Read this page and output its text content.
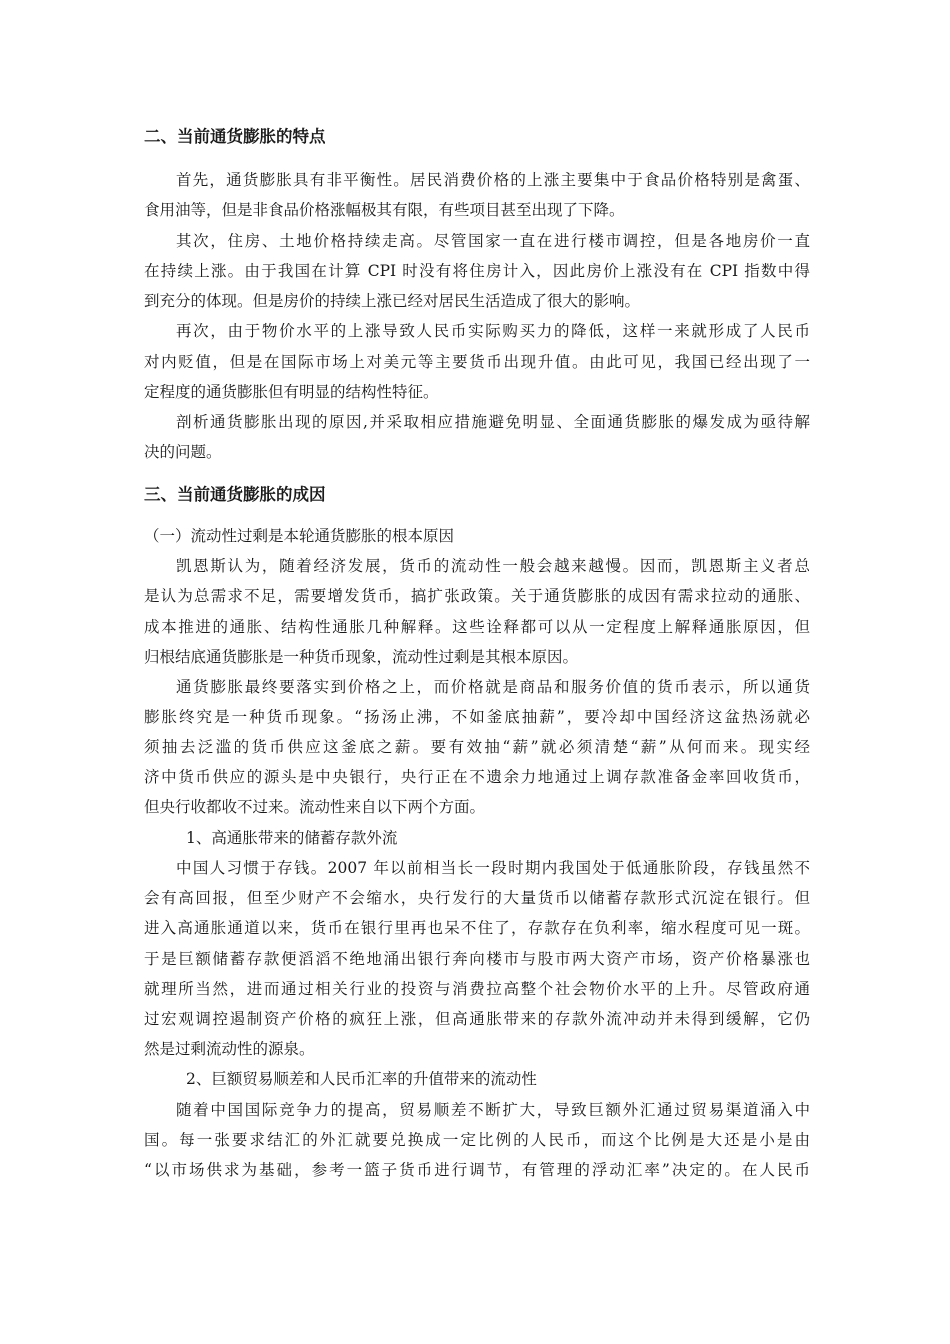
二、当前通货膨胀的特点
首先，通货膨胀具有非平衡性。居民消费价格的上涨主要集中于食品价格特别是禽蛋、
食用油等，但是非食品价格涨幅极其有限，有些项目甚至出现了下降。
其次，住房、土地价格持续走高。尽管国家一直在进行楼市调控，但是各地房价一直
在持续上涨。由于我国在计算 CPI 时没有将住房计入，因此房价上涨没有在 CPI 指数中得
到充分的体现。但是房价的持续上涨已经对居民生活造成了很大的影响。
再次，由于物价水平的上涨导致人民币实际购买力的降低，这样一来就形成了人民币
对内贬值，但是在国际市场上对美元等主要货币出现升值。由此可见，我国已经出现了一
定程度的通货膨胀但有明显的结构性特征。
剖析通货膨胀出现的原因,并采取相应措施避免明显、全面通货膨胀的爆发成为亟待解
决的问题。
三、当前通货膨胀的成因
（一）流动性过剩是本轮通货膨胀的根本原因
凯恩斯认为，随着经济发展，货币的流动性一般会越来越慢。因而，凯恩斯主义者总
是认为总需求不足，需要增发货币，搞扩张政策。关于通货膨胀的成因有需求拉动的通胀、
成本推进的通胀、结构性通胀几种解释。这些诠释都可以从一定程度上解释通胀原因，但
归根结底通货膨胀是一种货币现象，流动性过剩是其根本原因。
通货膨胀最终要落实到价格之上，而价格就是商品和服务价值的货币表示，所以通货
膨胀终究是一种货币现象。“扬汤止沸，不如釜底抽薪”，要冷却中国经济这盆热汤就必
须抽去泛滥的货币供应这釜底之薪。要有效抽“薪”就必须清楚“薪”从何而来。现实经
济中货币供应的源头是中央银行，央行正在不遗余力地通过上调存款准备金率回收货币，
但央行收都收不过来。流动性来自以下两个方面。
1、高通胀带来的储蓄存款外流
中国人习惯于存钱。2007 年以前相当长一段时期内我国处于低通胀阶段，存钱虽然不
会有高回报，但至少财产不会缩水，央行发行的大量货币以储蓄存款形式沉淀在银行。但
进入高通胀通道以来，货币在银行里再也呆不住了，存款存在负利率，缩水程度可见一斑。
于是巨额储蓄存款便滔滔不绝地涌出银行奔向楼市与股市两大资产市场，资产价格暴涨也
就理所当然，进而通过相关行业的投资与消费拉高整个社会物价水平的上升。尽管政府通
过宏观调控遏制资产价格的疯狂上涨，但高通胀带来的存款外流冲动并未得到缓解，它仍
然是过剩流动性的源泉。
2、巨额贸易顺差和人民币汇率的升值带来的流动性
随着中国国际竞争力的提高，贸易顺差不断扩大，导致巨额外汇通过贸易渠道涌入中
国。每一张要求结汇的外汇就要兑换成一定比例的人民币，而这个比例是大还是小是由
“以市场供求为基础，参考一篮子货币进行调节，有管理的浮动汇率”决定的。在人民币
